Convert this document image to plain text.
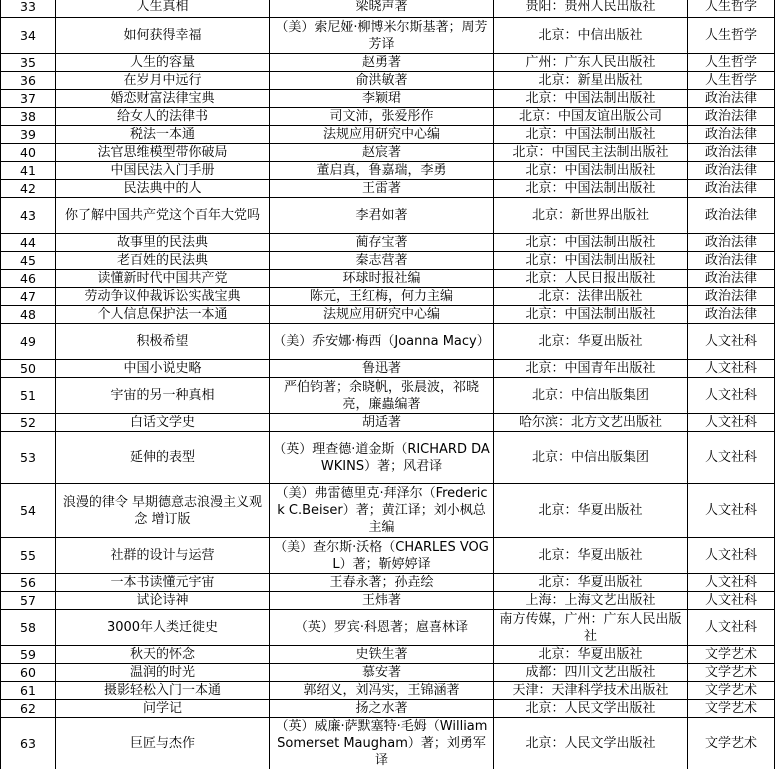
33	人生真相	梁晓声著	贵阳：贵州人民出版社	人生哲学
34	如何获得幸福	（美）索尼娅·柳博米尔斯基著；周芳芳译	北京：中信出版社	人生哲学
35	人生的容量	赵勇著	广州：广东人民出版社	人生哲学
36	在岁月中远行	俞洪敏著	北京：新星出版社	人生哲学
37	婚恋财富法律宝典	李颖珺	北京：中国法制出版社	政治法律
38	给女人的法律书	司文沛，张爱彤作	北京：中国友谊出版公司	政治法律
39	税法一本通	法规应用研究中心编	北京：中国法制出版社	政治法律
40	法官思维模型带你破局	赵宸著	北京：中国民主法制出版社	政治法律
41	中国民法入门手册	董启真，鲁嘉瑞，李勇	北京：中国法制出版社	政治法律
42	民法典中的人	王雷著	北京：中国法制出版社	政治法律
43	你了解中国共产党这个百年大党吗	李君如著	北京：新世界出版社	政治法律
44	故事里的民法典	蔺存宝著	北京：中国法制出版社	政治法律
45	老百姓的民法典	秦志营著	北京：中国法制出版社	政治法律
46	读懂新时代中国共产党	环球时报社编	北京：人民日报出版社	政治法律
47	劳动争议仲裁诉讼实战宝典	陈元，王红梅，何力主编	北京：法律出版社	政治法律
48	个人信息保护法一本通	法规应用研究中心编	北京：中国法制出版社	政治法律
49	积极希望	（美）乔安娜·梅西（Joanna Macy）	北京：华夏出版社	人文社科
50	中国小说史略	鲁迅著	北京：中国青年出版社	人文社科
51	宇宙的另一种真相	严伯钧著；余晓帆，张晨波，祁晓亮，廉蟲编著	北京：中信出版集团	人文社科
52	白话文学史	胡适著	哈尔滨：北方文艺出版社	人文社科
53	延伸的表型	（英）理查德·道金斯（RICHARD DAWKINS）著；风君译	北京：中信出版集团	人文社科
54	浪漫的律令 早期德意志浪漫主义观念 增订版	（美）弗雷德里克·拜泽尔（Frederick C.Beiser）著；黄江译；刘小枫总主编	北京：华夏出版社	人文社科
55	社群的设计与运营	（美）查尔斯·沃格（CHARLES VOGL）著；靳婷婷译	北京：华夏出版社	人文社科
56	一本书读懂元宇宙	王春永著；孙垚绘	北京：华夏出版社	人文社科
57	试论诗神	王炜著	上海：上海文艺出版社	人文社科
58	3000年人类迁徙史	（英）罗宾·科恩著；扈喜林译	南方传媒，广州：广东人民出版社	人文社科
59	秋天的怀念	史铁生著	北京：华夏出版社	文学艺术
60	温润的时光	慕安著	成都：四川文艺出版社	文学艺术
61	摄影轻松入门一本通	郭绍义，刘冯实，王锦涵著	天津：天津科学技术出版社	文学艺术
62	问学记	扬之水著	北京：人民文学出版社	文学艺术
63	巨匠与杰作	（英）威廉·萨默塞特·毛姆（William Somerset Maugham）著；刘勇军译	北京：人民文学出版社	文学艺术
